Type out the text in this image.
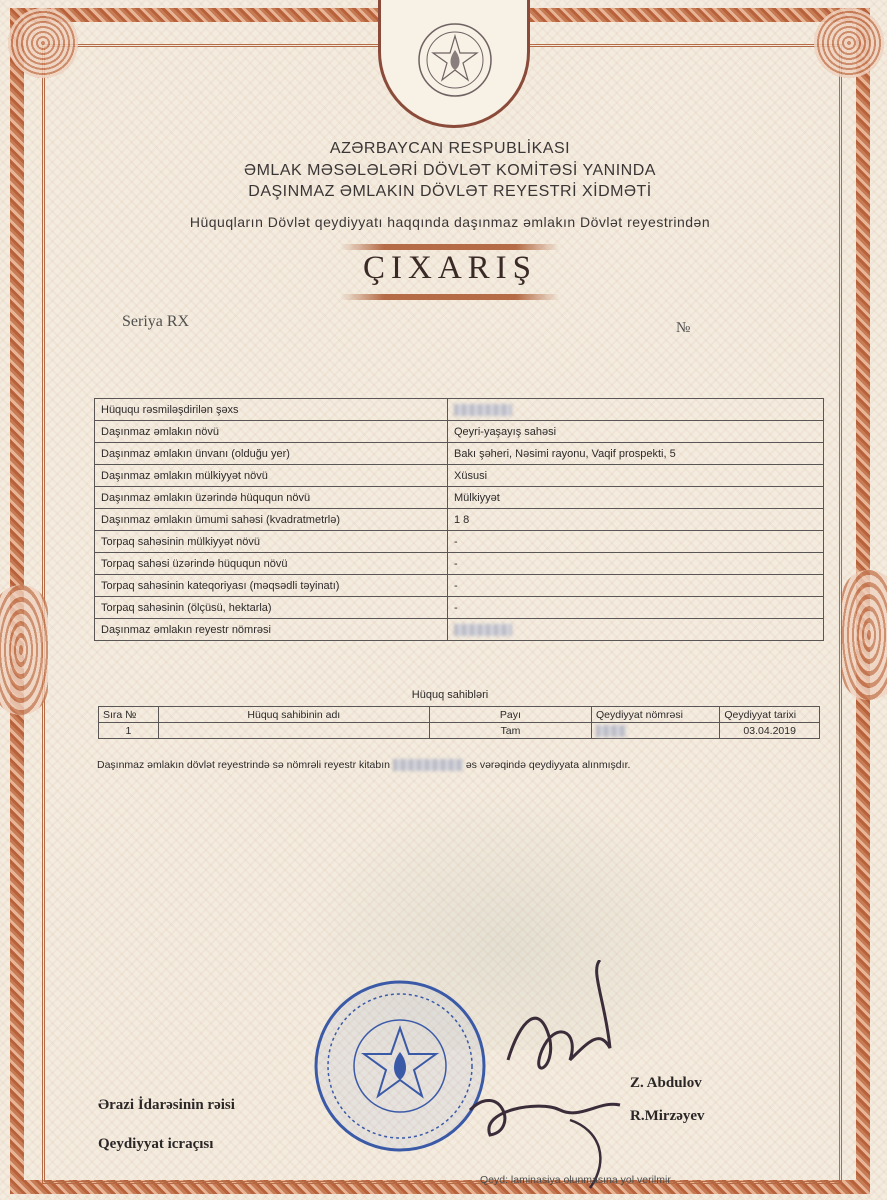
AZƏRBAYCAN RESPUBLİKASI
ƏMLAK MƏSƏLƏLƏRİ DÖVLƏT KOMİTƏSİ YANINDA
DAŞINMAZ ƏMLAKIN DÖVLƏT REYESTRİ XİDMƏTİ
Hüquqların Dövlət qeydiyyatı haqqında daşınmaz əmlakın Dövlət reyestrindən
ÇIXARIŞ
Seriya RX	№
Hüququ rəsmiləşdirilən şəxs	
Daşınmaz əmlakın növü	Qeyri-yaşayış sahəsi
Daşınmaz əmlakın ünvanı (olduğu yer)	Bakı şəheri, Nəsimi rayonu, Vaqif prospekti, 5
Daşınmaz əmlakın mülkiyyət növü	Xüsusi
Daşınmaz əmlakın üzərində hüququn növü	Mülkiyyət
Daşınmaz əmlakın ümumi sahəsi (kvadratmetrlə)	1 8
Torpaq sahəsinin mülkiyyət növü	-
Torpaq sahəsi üzərində hüququn növü	-
Torpaq sahəsinin kateqoriyası (məqsədli təyinatı)	-
Torpaq sahəsinin (ölçüsü, hektarla)	-
Daşınmaz əmlakın reyestr nömrəsi	
Hüquq sahibləri
Sıra №	Hüquq sahibinin adı	Payı	Qeydiyyat nömrəsi	Qeydiyyat tarixi
1		Tam		03.04.2019
Daşınmaz əmlakın dövlət reyestrində sə nömrəli reyestr kitabın	əs vərəqində qeydiyyata alınmışdır.
Ərazi İdarəsinin rəisi
Qeydiyyat icraçısı
Z. Abdulov
R.Mirzəyev
Qeyd: laminasiya olunmasına yol verilmir
